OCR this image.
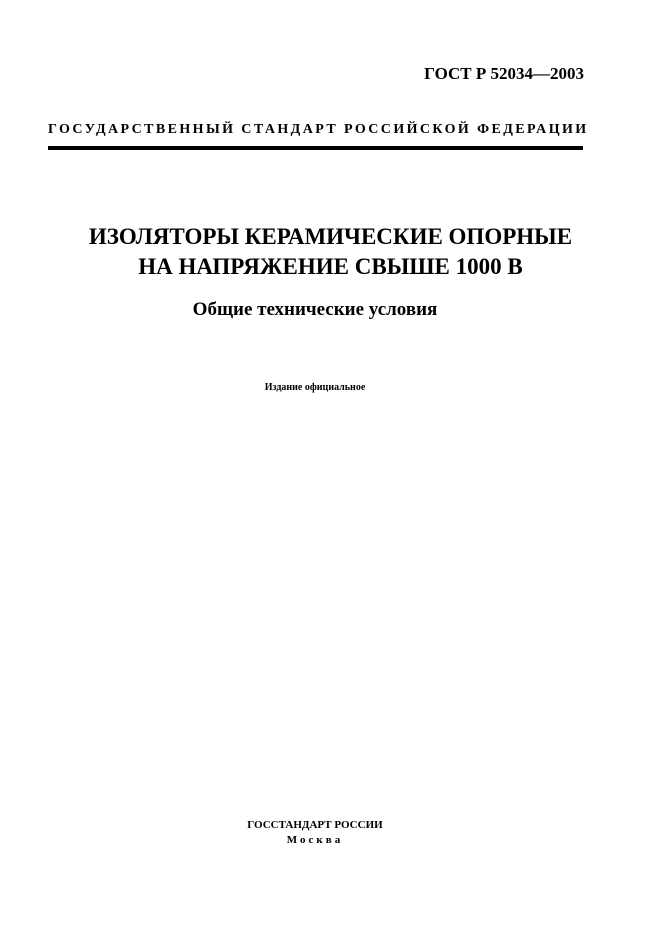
ГОСТ Р 52034—2003
ГОСУДАРСТВЕННЫЙ СТАНДАРТ РОССИЙСКОЙ ФЕДЕРАЦИИ
ИЗОЛЯТОРЫ КЕРАМИЧЕСКИЕ ОПОРНЫЕ
НА НАПРЯЖЕНИЕ СВЫШЕ 1000 В
Общие технические условия
Издание официальное
ГОССТАНДАРТ РОССИИ
Москва
